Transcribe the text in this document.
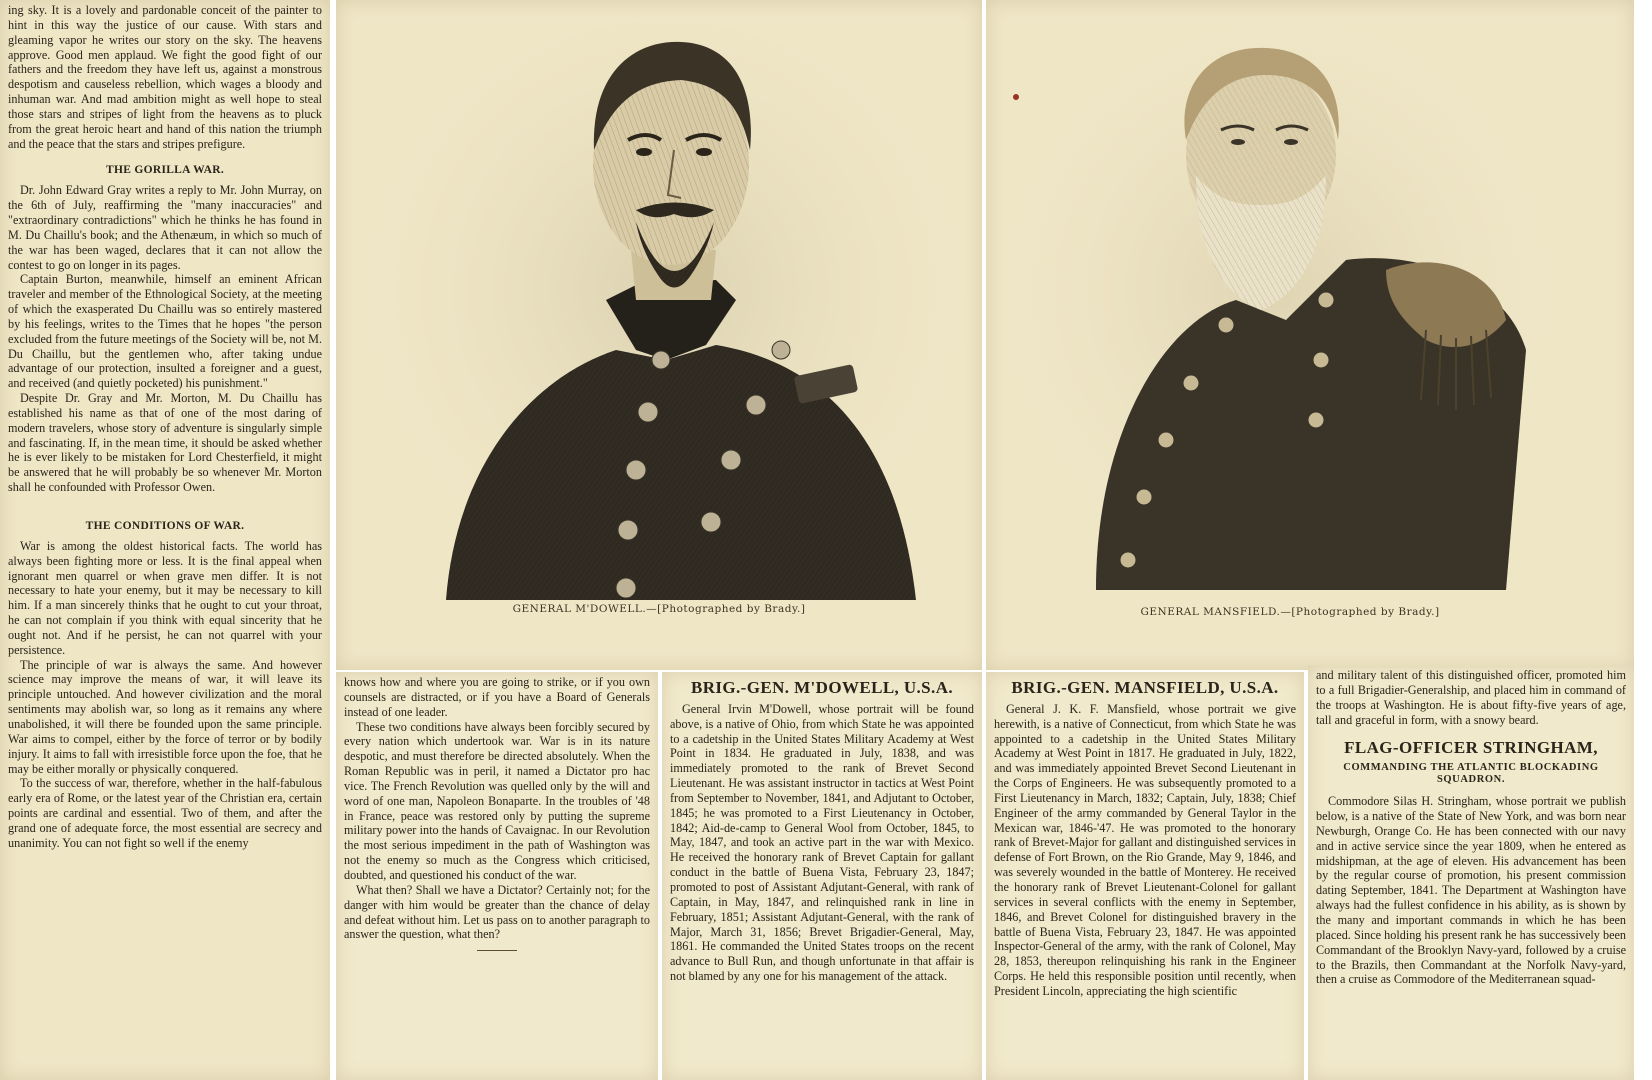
ing sky. It is a lovely and pardonable conceit of the painter to hint in this way the justice of our cause. With stars and gleaming vapor he writes our story on the sky. The heavens approve. Good men applaud. We fight the good fight of our fathers and the freedom they have left us, against a monstrous despotism and causeless rebellion, which wages a bloody and inhuman war. And mad ambition might as well hope to steal those stars and stripes of light from the heavens as to pluck from the great heroic heart and hand of this nation the triumph and the peace that the stars and stripes prefigure.

THE GORILLA WAR.

Dr. John Edward Gray writes a reply to Mr. John Murray, on the 6th of July, reaffirming the "many inaccuracies" and "extraordinary contradictions" which he thinks he has found in M. Du Chaillu's book; and the Athenæum, in which so much of the war has been waged, declares that it can not allow the contest to go on longer in its pages.

Captain Burton, meanwhile, himself an eminent African traveler and member of the Ethnological Society, at the meeting of which the exasperated Du Chaillu was so entirely mastered by his feelings, writes to the Times that he hopes "the person excluded from the future meetings of the Society will be, not M. Du Chaillu, but the gentlemen who, after taking undue advantage of our protection, insulted a foreigner and a guest, and received (and quietly pocketed) his punishment."

Despite Dr. Gray and Mr. Morton, M. Du Chaillu has established his name as that of one of the most daring of modern travelers, whose story of adventure is singularly simple and fascinating. If, in the mean time, it should be asked whether he is ever likely to be mistaken for Lord Chesterfield, it might be answered that he will probably be so whenever Mr. Morton shall he confounded with Professor Owen.

THE CONDITIONS OF WAR.

War is among the oldest historical facts. The world has always been fighting more or less. It is the final appeal when ignorant men quarrel or when grave men differ. It is not necessary to hate your enemy, but it may be necessary to kill him. If a man sincerely thinks that he ought to cut your throat, he can not complain if you think with equal sincerity that he ought not. And if he persist, he can not quarrel with your persistence.

The principle of war is always the same. And however science may improve the means of war, it will leave its principle untouched. And however civilization and the moral sentiments may abolish war, so long as it remains any where unabolished, it will there be founded upon the same principle. War aims to compel, either by the force of terror or by bodily injury. It aims to fall with irresistible force upon the foe, that he may be either morally or physically conquered.

To the success of war, therefore, whether in the half-fabulous early era of Rome, or the latest year of the Christian era, certain points are cardinal and essential. Two of them, and after the grand one of adequate force, the most essential are secrecy and unanimity. You can not fight so well if the enemy

GENERAL M'DOWELL.—[Photographed by Brady.]	GENERAL MANSFIELD.—[Photographed by Brady.]

knows how and where you are going to strike, or if you own counsels are distracted, or if you have a Board of Generals instead of one leader.

These two conditions have always been forcibly secured by every nation which undertook war. War is in its nature despotic, and must therefore be directed absolutely. When the Roman Republic was in peril, it named a Dictator pro hac vice. The French Revolution was quelled only by the will and word of one man, Napoleon Bonaparte. In the troubles of '48 in France, peace was restored only by putting the supreme military power into the hands of Cavaignac. In our Revolution the most serious impediment in the path of Washington was not the enemy so much as the Congress which criticised, doubted, and questioned his conduct of the war.

What then? Shall we have a Dictator? Certainly not; for the danger with him would be greater than the chance of delay and defeat without him. Let us pass on to another paragraph to answer the question, what then?

BRIG.-GEN. M'DOWELL, U.S.A.

General Irvin M'Dowell, whose portrait will be found above, is a native of Ohio, from which State he was appointed to a cadetship in the United States Military Academy at West Point in 1834. He graduated in July, 1838, and was immediately promoted to the rank of Brevet Second Lieutenant. He was assistant instructor in tactics at West Point from September to November, 1841, and Adjutant to October, 1845; he was promoted to a First Lieutenancy in October, 1842; Aid-de-camp to General Wool from October, 1845, to May, 1847, and took an active part in the war with Mexico. He received the honorary rank of Brevet Captain for gallant conduct in the battle of Buena Vista, February 23, 1847; promoted to post of Assistant Adjutant-General, with rank of Captain, in May, 1847, and relinquished rank in line in February, 1851; Assistant Adjutant-General, with the rank of Major, March 31, 1856; Brevet Brigadier-General, May, 1861. He commanded the United States troops on the recent advance to Bull Run, and though unfortunate in that affair is not blamed by any one for his management of the attack.

BRIG.-GEN. MANSFIELD, U.S.A.

General J. K. F. Mansfield, whose portrait we give herewith, is a native of Connecticut, from which State he was appointed to a cadetship in the United States Military Academy at West Point in 1817. He graduated in July, 1822, and was immediately appointed Brevet Second Lieutenant in the Corps of Engineers. He was subsequently promoted to a First Lieutenancy in March, 1832; Captain, July, 1838; Chief Engineer of the army commanded by General Taylor in the Mexican war, 1846-'47. He was promoted to the honorary rank of Brevet-Major for gallant and distinguished services in defense of Fort Brown, on the Rio Grande, May 9, 1846, and was severely wounded in the battle of Monterey. He received the honorary rank of Brevet Lieutenant-Colonel for gallant services in several conflicts with the enemy in September, 1846, and Brevet Colonel for distinguished bravery in the battle of Buena Vista, February 23, 1847. He was appointed Inspector-General of the army, with the rank of Colonel, May 28, 1853, thereupon relinquishing his rank in the Engineer Corps. He held this responsible position until recently, when President Lincoln, appreciating the high scientific

and military talent of this distinguished officer, promoted him to a full Brigadier-Generalship, and placed him in command of the troops at Washington. He is about fifty-five years of age, tall and graceful in form, with a snowy beard.

FLAG-OFFICER STRINGHAM,
COMMANDING THE ATLANTIC BLOCKADING SQUADRON.

Commodore Silas H. Stringham, whose portrait we publish below, is a native of the State of New York, and was born near Newburgh, Orange Co. He has been connected with our navy and in active service since the year 1809, when he entered as midshipman, at the age of eleven. His advancement has been by the regular course of promotion, his present commission dating September, 1841. The Department at Washington have always had the fullest confidence in his ability, as is shown by the many and important commands in which he has been placed. Since holding his present rank he has successively been Commandant of the Brooklyn Navy-yard, followed by a cruise to the Brazils, then Commandant at the Norfolk Navy-yard, then a cruise as Commodore of the Mediterranean squad-
